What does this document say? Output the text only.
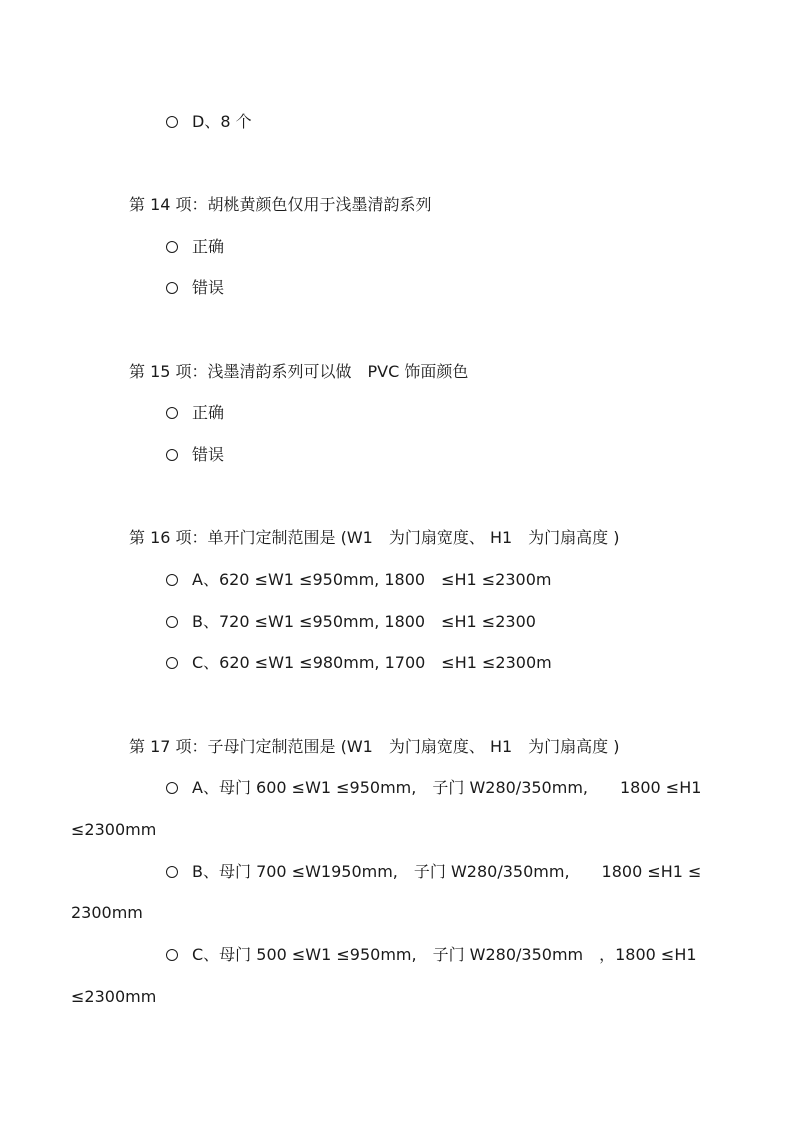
D、8 个
第 14 项：胡桃黄颜色仅用于浅墨清韵系列
正确
错误
第 15 项：浅墨清韵系列可以做　PVC 饰面颜色
正确
错误
第 16 项：单开门定制范围是 (W1　为门扇宽度、 H1　为门扇高度 )
A、620 ≤W1 ≤950mm, 1800　≤H1 ≤2300m
B、720 ≤W1 ≤950mm, 1800　≤H1 ≤2300
C、620 ≤W1 ≤980mm, 1700　≤H1 ≤2300m
第 17 项：子母门定制范围是 (W1　为门扇宽度、 H1　为门扇高度 )
A、母门 600 ≤W1 ≤950mm,　子门 W280/350mm,　　1800 ≤H1
≤2300mm
B、母门 700 ≤W1950mm,　子门 W280/350mm,　　1800 ≤H1 ≤
2300mm
C、母门 500 ≤W1 ≤950mm,　子门 W280/350mm　，1800 ≤H1
≤2300mm
